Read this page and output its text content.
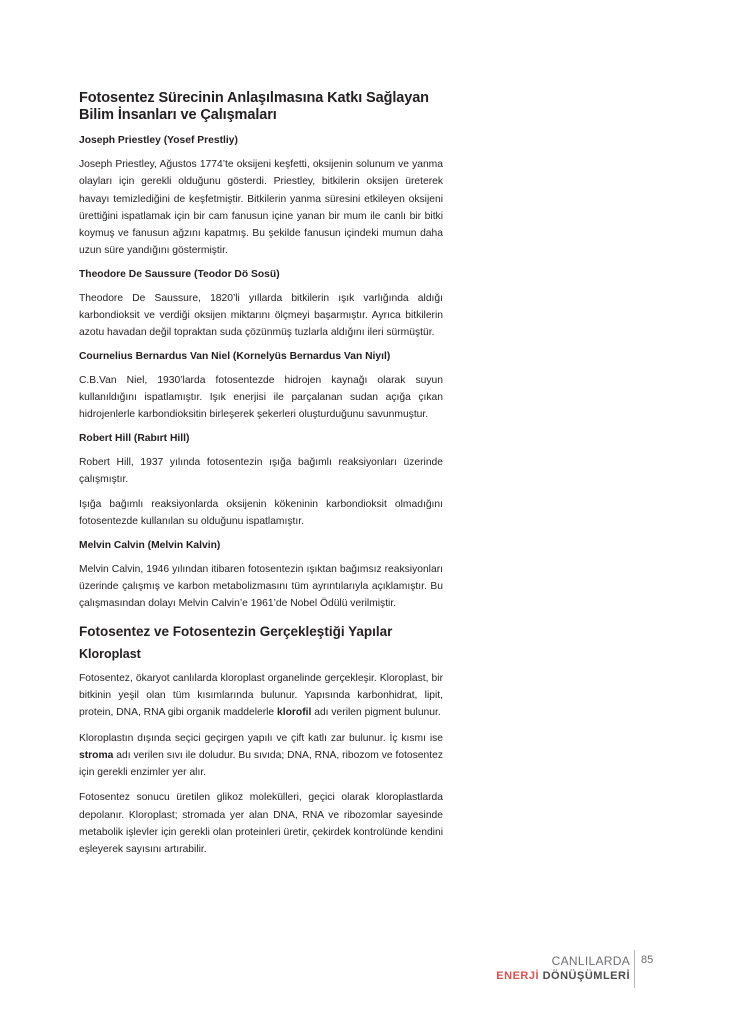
Fotosentez Sürecinin Anlaşılmasına Katkı Sağlayan
Bilim İnsanları ve Çalışmaları
Joseph Priestley (Yosef Prestliy)

Joseph Priestley, Ağustos 1774’te oksijeni keşfetti, oksijenin solunum ve yanma olayları için gerekli olduğunu gösterdi. Priestley, bitkilerin oksijen üreterek havayı temizlediğini de keşfetmiştir. Bitkilerin yanma süresini etkileyen oksijeni ürettiğini ispatlamak için bir cam fanusun içine yanan bir mum ile canlı bir bitki koymuş ve fanusun ağzını kapatmış. Bu şekilde fanusun içindeki mumun daha uzun süre yandığını göstermiştir.

Theodore De Saussure (Teodor Dö Sosü)

Theodore De Saussure, 1820’li yıllarda bitkilerin ışık varlığında aldığı karbondioksit ve verdiği oksijen miktarını ölçmeyi başarmıştır. Ayrıca bitkilerin azotu havadan değil topraktan suda çözünmüş tuzlarla aldığını ileri sürmüştür.

Cournelius Bernardus Van Niel (Kornelyüs Bernardus Van Niyıl)

C.B.Van Niel, 1930’larda fotosentezde hidrojen kaynağı olarak suyun kullanıldığını ispatlamıştır. Işık enerjisi ile parçalanan sudan açığa çıkan hidrojenlerle karbondioksitin birleşerek şekerleri oluşturduğunu savunmuştur.

Robert Hill (Rabırt Hill)

Robert Hill, 1937 yılında fotosentezin ışığa bağımlı reaksiyonları üzerinde çalışmıştır.

Işığa bağımlı reaksiyonlarda oksijenin kökeninin karbondioksit olmadığını fotosentezde kullanılan su olduğunu ispatlamıştır.

Melvin Calvin (Melvin Kalvin)

Melvin Calvin, 1946 yılından itibaren fotosentezin ışıktan bağımsız reaksiyonları üzerinde çalışmış ve karbon metabolizmasını tüm ayrıntılarıyla açıklamıştır. Bu çalışmasından dolayı Melvin Calvin’e 1961’de Nobel Ödülü verilmiştir.

Fotosentez ve Fotosentezin Gerçekleştiği Yapılar
Kloroplast

Fotosentez, ökaryot canlılarda kloroplast organelinde gerçekleşir. Kloroplast, bir bitkinin yeşil olan tüm kısımlarında bulunur. Yapısında karbonhidrat, lipit, protein, DNA, RNA gibi organik maddelerle klorofil adı verilen pigment bulunur.

Kloroplastın dışında seçici geçirgen yapılı ve çift katlı zar bulunur. İç kısmı ise stroma adı verilen sıvı ile doludur. Bu sıvıda; DNA, RNA, ribozom ve fotosentez için gerekli enzimler yer alır.

Fotosentez sonucu üretilen glikoz molekülleri, geçici olarak kloroplastlarda depolanır. Kloroplast; stromada yer alan DNA, RNA ve ribozomlar sayesinde metabolik işlevler için gerekli olan proteinleri üretir, çekirdek kontrolünde kendini eşleyerek sayısını artırabilir.

CANLILARDA
ENERJİ DÖNÜŞÜMLERİ
85
